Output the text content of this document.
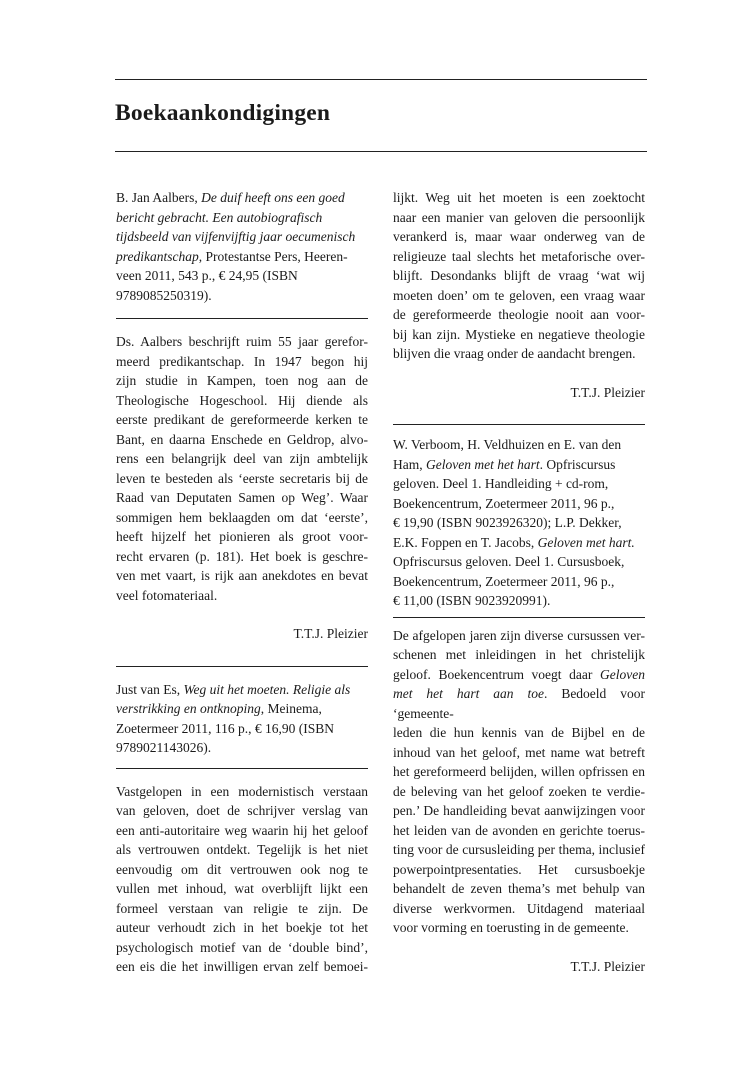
Boekaankondigingen
B. Jan Aalbers, De duif heeft ons een goed
bericht gebracht. Een autobiografisch
tijdsbeeld van vijfenvijftig jaar oecumenisch
predikantschap, Protestantse Pers, Heeren-
veen 2011, 543 p., € 24,95 (ISBN
9789085250319).
Ds. Aalbers beschrijft ruim 55 jaar gerefor-
meerd predikantschap. In 1947 begon hij
zijn studie in Kampen, toen nog aan de
Theologische Hogeschool. Hij diende als
eerste predikant de gereformeerde kerken te
Bant, en daarna Enschede en Geldrop, alvo-
rens een belangrijk deel van zijn ambtelijk
leven te besteden als ‘eerste secretaris bij de
Raad van Deputaten Samen op Weg’. Waar
sommigen hem beklaagden om dat ‘eerste’,
heeft hijzelf het pionieren als groot voor-
recht ervaren (p. 181). Het boek is geschre-
ven met vaart, is rijk aan anekdotes en bevat
veel fotomateriaal.
T.T.J. Pleizier
Just van Es, Weg uit het moeten. Religie als
verstrikking en ontknoping, Meinema,
Zoetermeer 2011, 116 p., € 16,90 (ISBN
9789021143026).
Vastgelopen in een modernistisch verstaan
van geloven, doet de schrijver verslag van
een anti-autoritaire weg waarin hij het geloof
als vertrouwen ontdekt. Tegelijk is het niet
eenvoudig om dit vertrouwen ook nog te
vullen met inhoud, wat overblijft lijkt een
formeel verstaan van religie te zijn. De
auteur verhoudt zich in het boekje tot het
psychologisch motief van de ‘double bind’,
een eis die het inwilligen ervan zelf bemoei-
lijkt. Weg uit het moeten is een zoektocht
naar een manier van geloven die persoonlijk
verankerd is, maar waar onderweg van de
religieuze taal slechts het metaforische over-
blijft. Desondanks blijft de vraag ‘wat wij
moeten doen’ om te geloven, een vraag waar
de gereformeerde theologie nooit aan voor-
bij kan zijn. Mystieke en negatieve theologie
blijven die vraag onder de aandacht brengen.
T.T.J. Pleizier
W. Verboom, H. Veldhuizen en E. van den
Ham, Geloven met het hart. Opfriscursus
geloven. Deel 1. Handleiding + cd-rom,
Boekencentrum, Zoetermeer 2011, 96 p.,
€ 19,90 (ISBN 9023926320); L.P. Dekker,
E.K. Foppen en T. Jacobs, Geloven met hart.
Opfriscursus geloven. Deel 1. Cursusboek,
Boekencentrum, Zoetermeer 2011, 96 p.,
€ 11,00 (ISBN 9023920991).
De afgelopen jaren zijn diverse cursussen ver-
schenen met inleidingen in het christelijk
geloof. Boekencentrum voegt daar Geloven
met het hart aan toe. Bedoeld voor ‘gemeente-
leden die hun kennis van de Bijbel en de
inhoud van het geloof, met name wat betreft
het gereformeerd belijden, willen opfrissen en
de beleving van het geloof zoeken te verdie-
pen.’ De handleiding bevat aanwijzingen voor
het leiden van de avonden en gerichte toerus-
ting voor de cursusleiding per thema, inclusief
powerpointpresentaties. Het cursusboekje
behandelt de zeven thema’s met behulp van
diverse werkvormen. Uitdagend materiaal
voor vorming en toerusting in de gemeente.
T.T.J. Pleizier
